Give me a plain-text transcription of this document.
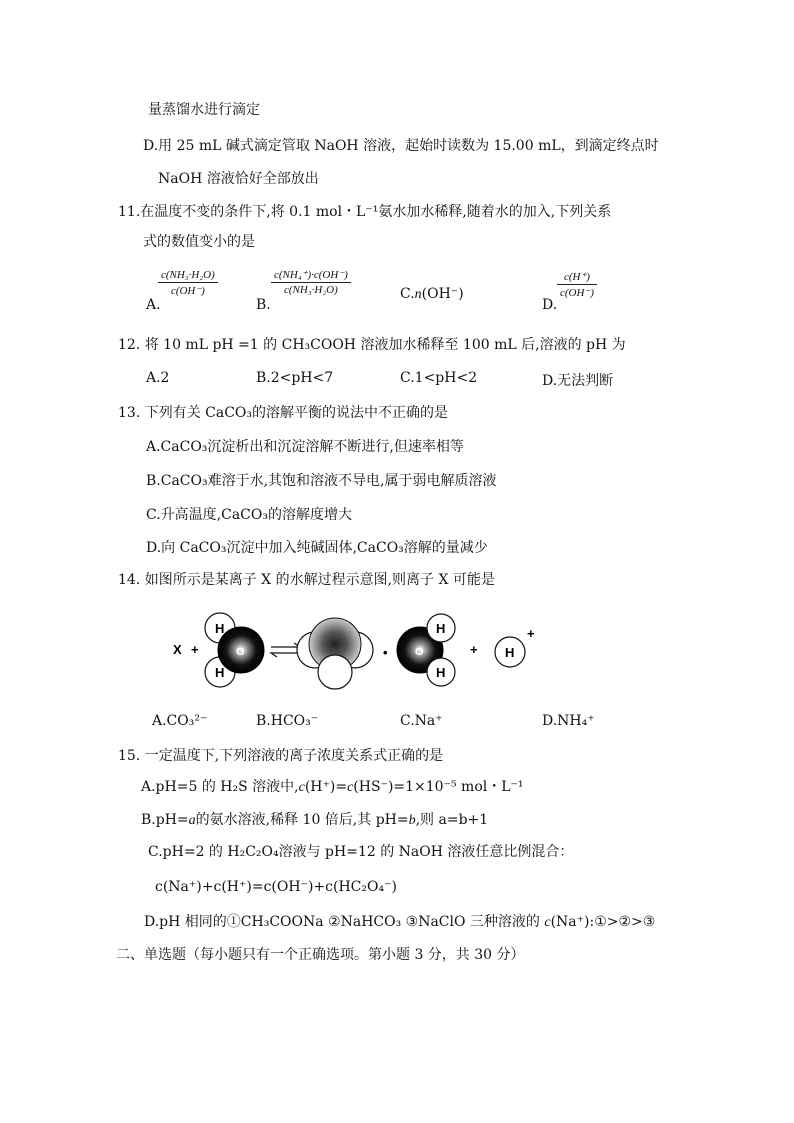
量蒸馏水进行滴定
D.用 25 mL 碱式滴定管取 NaOH 溶液，起始时读数为 15.00 mL，到滴定终点时
NaOH 溶液恰好全部放出
11.在温度不变的条件下,将 0.1 mol・L⁻¹氨水加水稀释,随着水的加入,下列关系
式的数值变小的是
A.
$\frac{\text{c(NH₃·H₂O)}}{c(OH^-)}$
B.
$\frac{\text{c(NH₄⁺)·c(OH⁻)}}{\text{c(NH₃·H₂O)}}$	C.n(OH⁻)
D.
$\frac{c(H^+)}{c(OH^-)}$
12. 将 10 mL pH =1 的 CH₃COOH 溶液加水稀释至 100 mL 后,溶液的 pH 为
A.2	B.2<pH<7	C.1<pH<2	D.无法判断
13. 下列有关 CaCO₃的溶解平衡的说法中不正确的是
A.CaCO₃沉淀析出和沉淀溶解不断进行,但速率相等
B.CaCO₃难溶于水,其饱和溶液不导电,属于弱电解质溶液
C.升高温度,CaCO₃的溶解度增大
D.向 CaCO₃沉淀中加入纯碱固体,CaCO₃溶解的量减少
14. 如图所示是某离子 X 的水解过程示意图,则离子 X 可能是
X +
H
H
O	•
H
H
O	+ H
+
A.CO₃²⁻	B.HCO₃⁻	C.Na⁺	D.NH₄⁺
15. 一定温度下,下列溶液的离子浓度关系式正确的是
A.pH=5 的 H₂S 溶液中,c(H⁺)=c(HS⁻)=1×10⁻⁵ mol・L⁻¹
B.pH=a的氨水溶液,稀释 10 倍后,其 pH=b,则 a=b+1
C.pH=2 的 H₂C₂O₄溶液与 pH=12 的 NaOH 溶液任意比例混合：
c(Na⁺)+c(H⁺)=c(OH⁻)+c(HC₂O₄⁻)
D.pH 相同的①CH₃COONa ②NaHCO₃ ③NaClO 三种溶液的 c(Na⁺):①>②>③
二、单选题（每小题只有一个正确选项。第小题 3 分，共 30 分）
